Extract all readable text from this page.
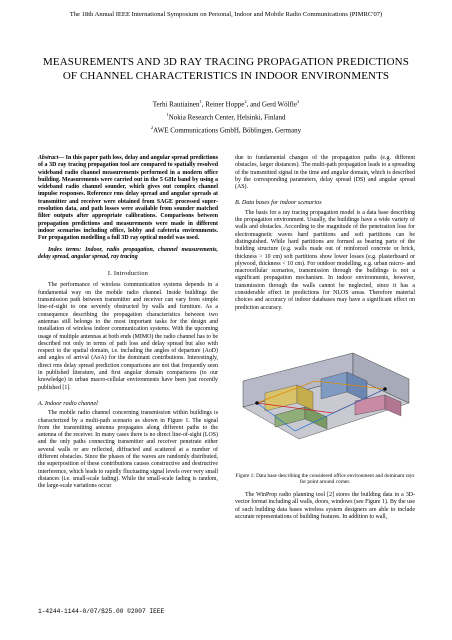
The 18th Annual IEEE International Symposium on Personal, Indoor and Mobile Radio Communications (PIMRC'07)
MEASUREMENTS AND 3D RAY TRACING PROPAGATION PREDICTIONS OF CHANNEL CHARACTERISTICS IN INDOOR ENVIRONMENTS
Terhi Rautiainen$^1$, Reiner Hoppe$^2$, and Gerd Wölfle$^2$
$^1$Nokia Research Center, Helsinki, Finland
$^2$AWE Communications GmbH, Böblingen, Germany

Abstract— In this paper path loss, delay and angular spread predictions of a 3D ray tracing propagation tool are compared to spatially resolved wideband radio channel measurements performed in a modern office building. Measurements were carried out in the 5 GHz band by using a wideband radio channel sounder, which gives out complex channel impulse responses. Reference rms delay spread and angular spreads at transmitter and receiver were obtained from SAGE processed super-resolution data, and path losses were available from sounder matched filter outputs after appropriate calibrations. Comparisons between propagation predictions and measurements were made in different indoor scenarios including office, lobby and cafeteria environments. For propagation modelling a full 3D ray optical model was used.

Index terms: Indoor, radio propagation, channel measurements, delay spread, angular spread, ray tracing

I. Introduction

The performance of wireless communication systems depends in a fundamental way on the mobile radio channel. Inside buildings the transmission path between transmitter and receiver can vary from simple line-of-sight to one severely obstructed by walls and furniture. As a consequence describing the propagation characteristics between two antennas still belongs to the most important tasks for the design and installation of wireless indoor communication systems. With the upcoming usage of multiple antennas at both ends (MIMO) the radio channel has to be described not only in terms of path loss and delay spread but also with respect to the spatial domain, i.e. including the angles of departure (AoD) and angles of arrival (AoA) for the dominant contributions. Interestingly, direct rms delay spread prediction comparisons are not that frequently seen in published literature, and first angular domain comparisons (to our knowledge) in urban macro-cellular environments have been just recently published [1].

A. Indoor radio channel

The mobile radio channel concerning transmission within buildings is characterized by a multi-path scenario as shown in Figure 1. The signal from the transmitting antenna propagates along different paths to the antenna of the receiver. In many cases there is no direct line-of-sight (LOS) and the only paths connecting transmitter and receiver penetrate either several walls or are reflected, diffracted and scattered at a number of different obstacles. Since the phases of the waves are randomly distributed, the superposition of these contributions causes constructive and destructive interference, which leads to rapidly fluctuating signal levels over very small distances (i.e. small-scale fading). While the small-scale fading is random, the large-scale variations occur

due to fundamental changes of the propagation paths (e.g. different obstacles, larger distances). The multi-path propagation leads to a spreading of the transmitted signal in the time and angular domain, which is described by the corresponding parameters, delay spread (DS) and angular spread (AS).

B. Data bases for indoor scenarios

The basis for a ray tracing propagation model is a data base describing the propagation environment. Usually, the buildings have a wide variety of walls and obstacles. According to the magnitude of the penetration loss for electromagnetic waves hard partitions and soft partitions can be distinguished. While hard partitions are formed as bearing parts of the building structure (e.g. walls made out of reinforced concrete or brick, thickness > 10 cm) soft partitions show lower losses (e.g. plasterboard or plywood, thickness < 10 cm). For outdoor modelling, e.g. urban micro- and macrocellular scenarios, transmission through the buildings is not a significant propagation mechanism. In indoor environments, however, transmission through the walls cannot be neglected, since it has a considerable effect in predictions for NLOS areas. Therefore material choices and accuracy of indoor databases may have a significant effect on prediction accuracy.

Figure 1: Data base describing the considered office environment and dominant rays for point around corner.

The WinProp radio planning tool [2] stores the building data in a 3D-vector format including all walls, doors, windows (see Figure 1). By the use of such building data bases wireless system designers are able to include accurate representations of building features. In addition to wall,

1-4244-1144-0/07/$25.00 ©2007 IEEE
